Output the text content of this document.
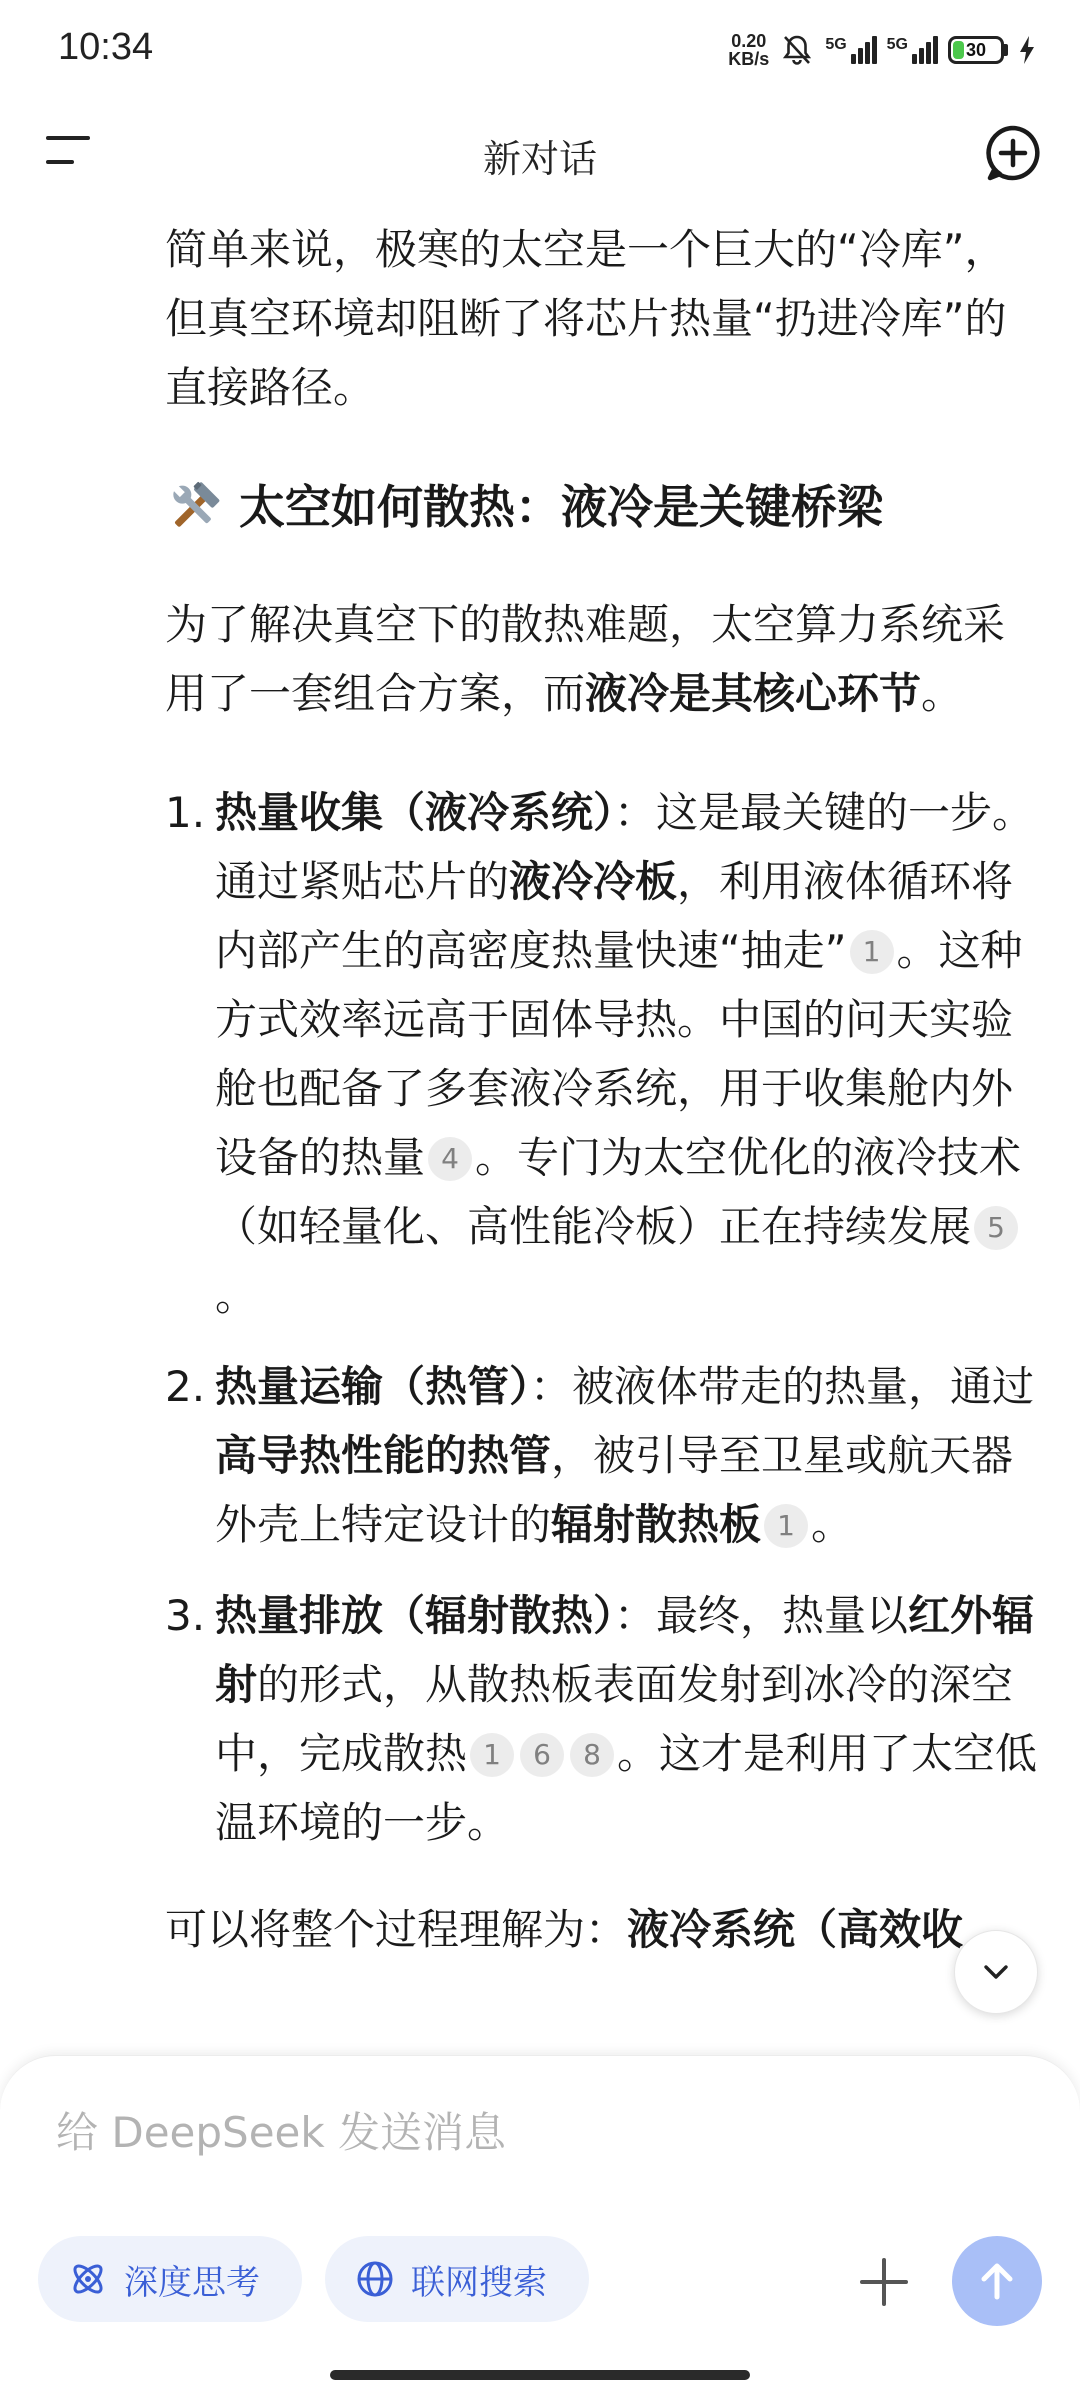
10:34	0.20
KB/s
5G	5G	30
新对话

简单来说，极寒的太空是一个巨大的“冷库”，但真空环境却阻断了将芯片热量“扔进冷库”的直接路径。

太空如何散热：液冷是关键桥梁

为了解决真空下的散热难题，太空算力系统采用了一套组合方案，而液冷是其核心环节。

1. 热量收集（液冷系统）：这是最关键的一步。通过紧贴芯片的液冷冷板，利用液体循环将内部产生的高密度热量快速“抽走” 1 。这种方式效率远高于固体导热。中国的问天实验舱也配备了多套液冷系统，用于收集舱内外设备的热量 4 。专门为太空优化的液冷技术（如轻量化、高性能冷板）正在持续发展 5。
2. 热量运输（热管）：被液体带走的热量，通过高导热性能的热管，被引导至卫星或航天器外壳上特定设计的辐射散热板 1 。
3. 热量排放（辐射散热）：最终，热量以红外辐射的形式，从散热板表面发射到冰冷的深空中，完成散热 1 6 8 。这才是利用了太空低温环境的一步。

可以将整个过程理解为：液冷系统（高效收

给 DeepSeek 发送消息
深度思考	联网搜索
